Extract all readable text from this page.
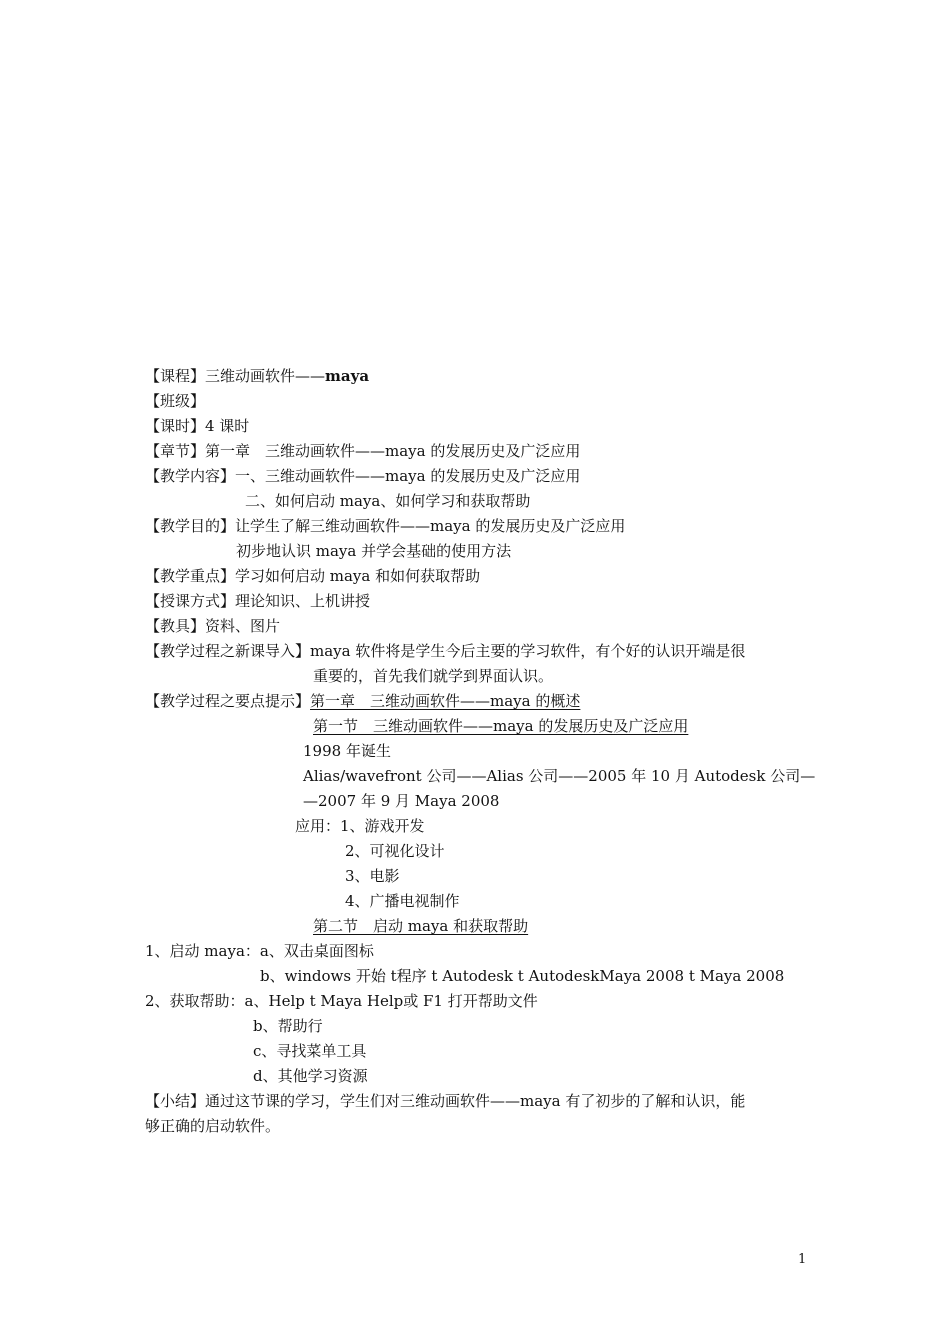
【课程】三维动画软件——maya
【班级】
【课时】4 课时
【章节】第一章　三维动画软件——maya 的发展历史及广泛应用
【教学内容】一、三维动画软件——maya 的发展历史及广泛应用
二、如何启动 maya、如何学习和获取帮助
【教学目的】让学生了解三维动画软件——maya 的发展历史及广泛应用
初步地认识 maya 并学会基础的使用方法
【教学重点】学习如何启动 maya 和如何获取帮助
【授课方式】理论知识、上机讲授
【教具】资料、图片
【教学过程之新课导入】maya 软件将是学生今后主要的学习软件，有个好的认识开端是很
重要的，首先我们就学到界面认识。
【教学过程之要点提示】第一章　三维动画软件——maya 的概述
第一节　三维动画软件——maya 的发展历史及广泛应用
1998 年诞生
Alias/wavefront 公司——Alias 公司——2005 年 10 月 Autodesk 公司—
—2007 年 9 月 Maya 2008
应用：1、游戏开发
2、可视化设计
3、电影
4、广播电视制作
第二节　启动 maya 和获取帮助
1、启动 maya：a、双击桌面图标
b、windows 开始 t程序 t Autodesk t AutodeskMaya 2008 t Maya 2008
2、获取帮助：a、Help t Maya Help或 F1 打开帮助文件
b、帮助行
c、寻找菜单工具
d、其他学习资源
【小结】通过这节课的学习，学生们对三维动画软件——maya 有了初步的了解和认识，能
够正确的启动软件。
1
